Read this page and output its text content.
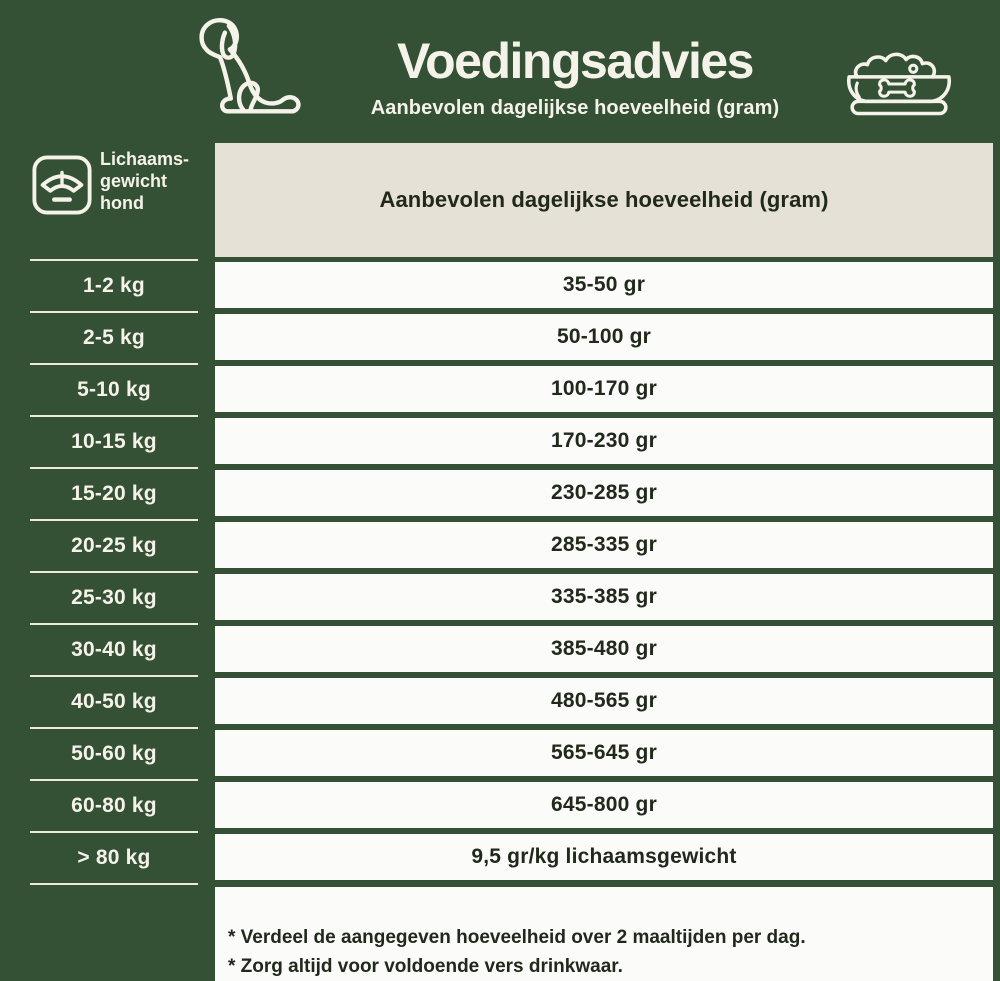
Voedingsadvies
Aanbevolen dagelijkse hoeveelheid (gram)
Lichaams-
gewicht
hond	Aanbevolen dagelijkse hoeveelheid (gram)
1-2 kg	35-50 gr
2-5 kg	50-100 gr
5-10 kg	100-170 gr
10-15 kg	170-230 gr
15-20 kg	230-285 gr
20-25 kg	285-335 gr
25-30 kg	335-385 gr
30-40 kg	385-480 gr
40-50 kg	480-565 gr
50-60 kg	565-645 gr
60-80 kg	645-800 gr
> 80 kg	9,5 gr/kg lichaamsgewicht
* Verdeel de aangegeven hoeveelheid over 2 maaltijden per dag.
* Zorg altijd voor voldoende vers drinkwaar.
